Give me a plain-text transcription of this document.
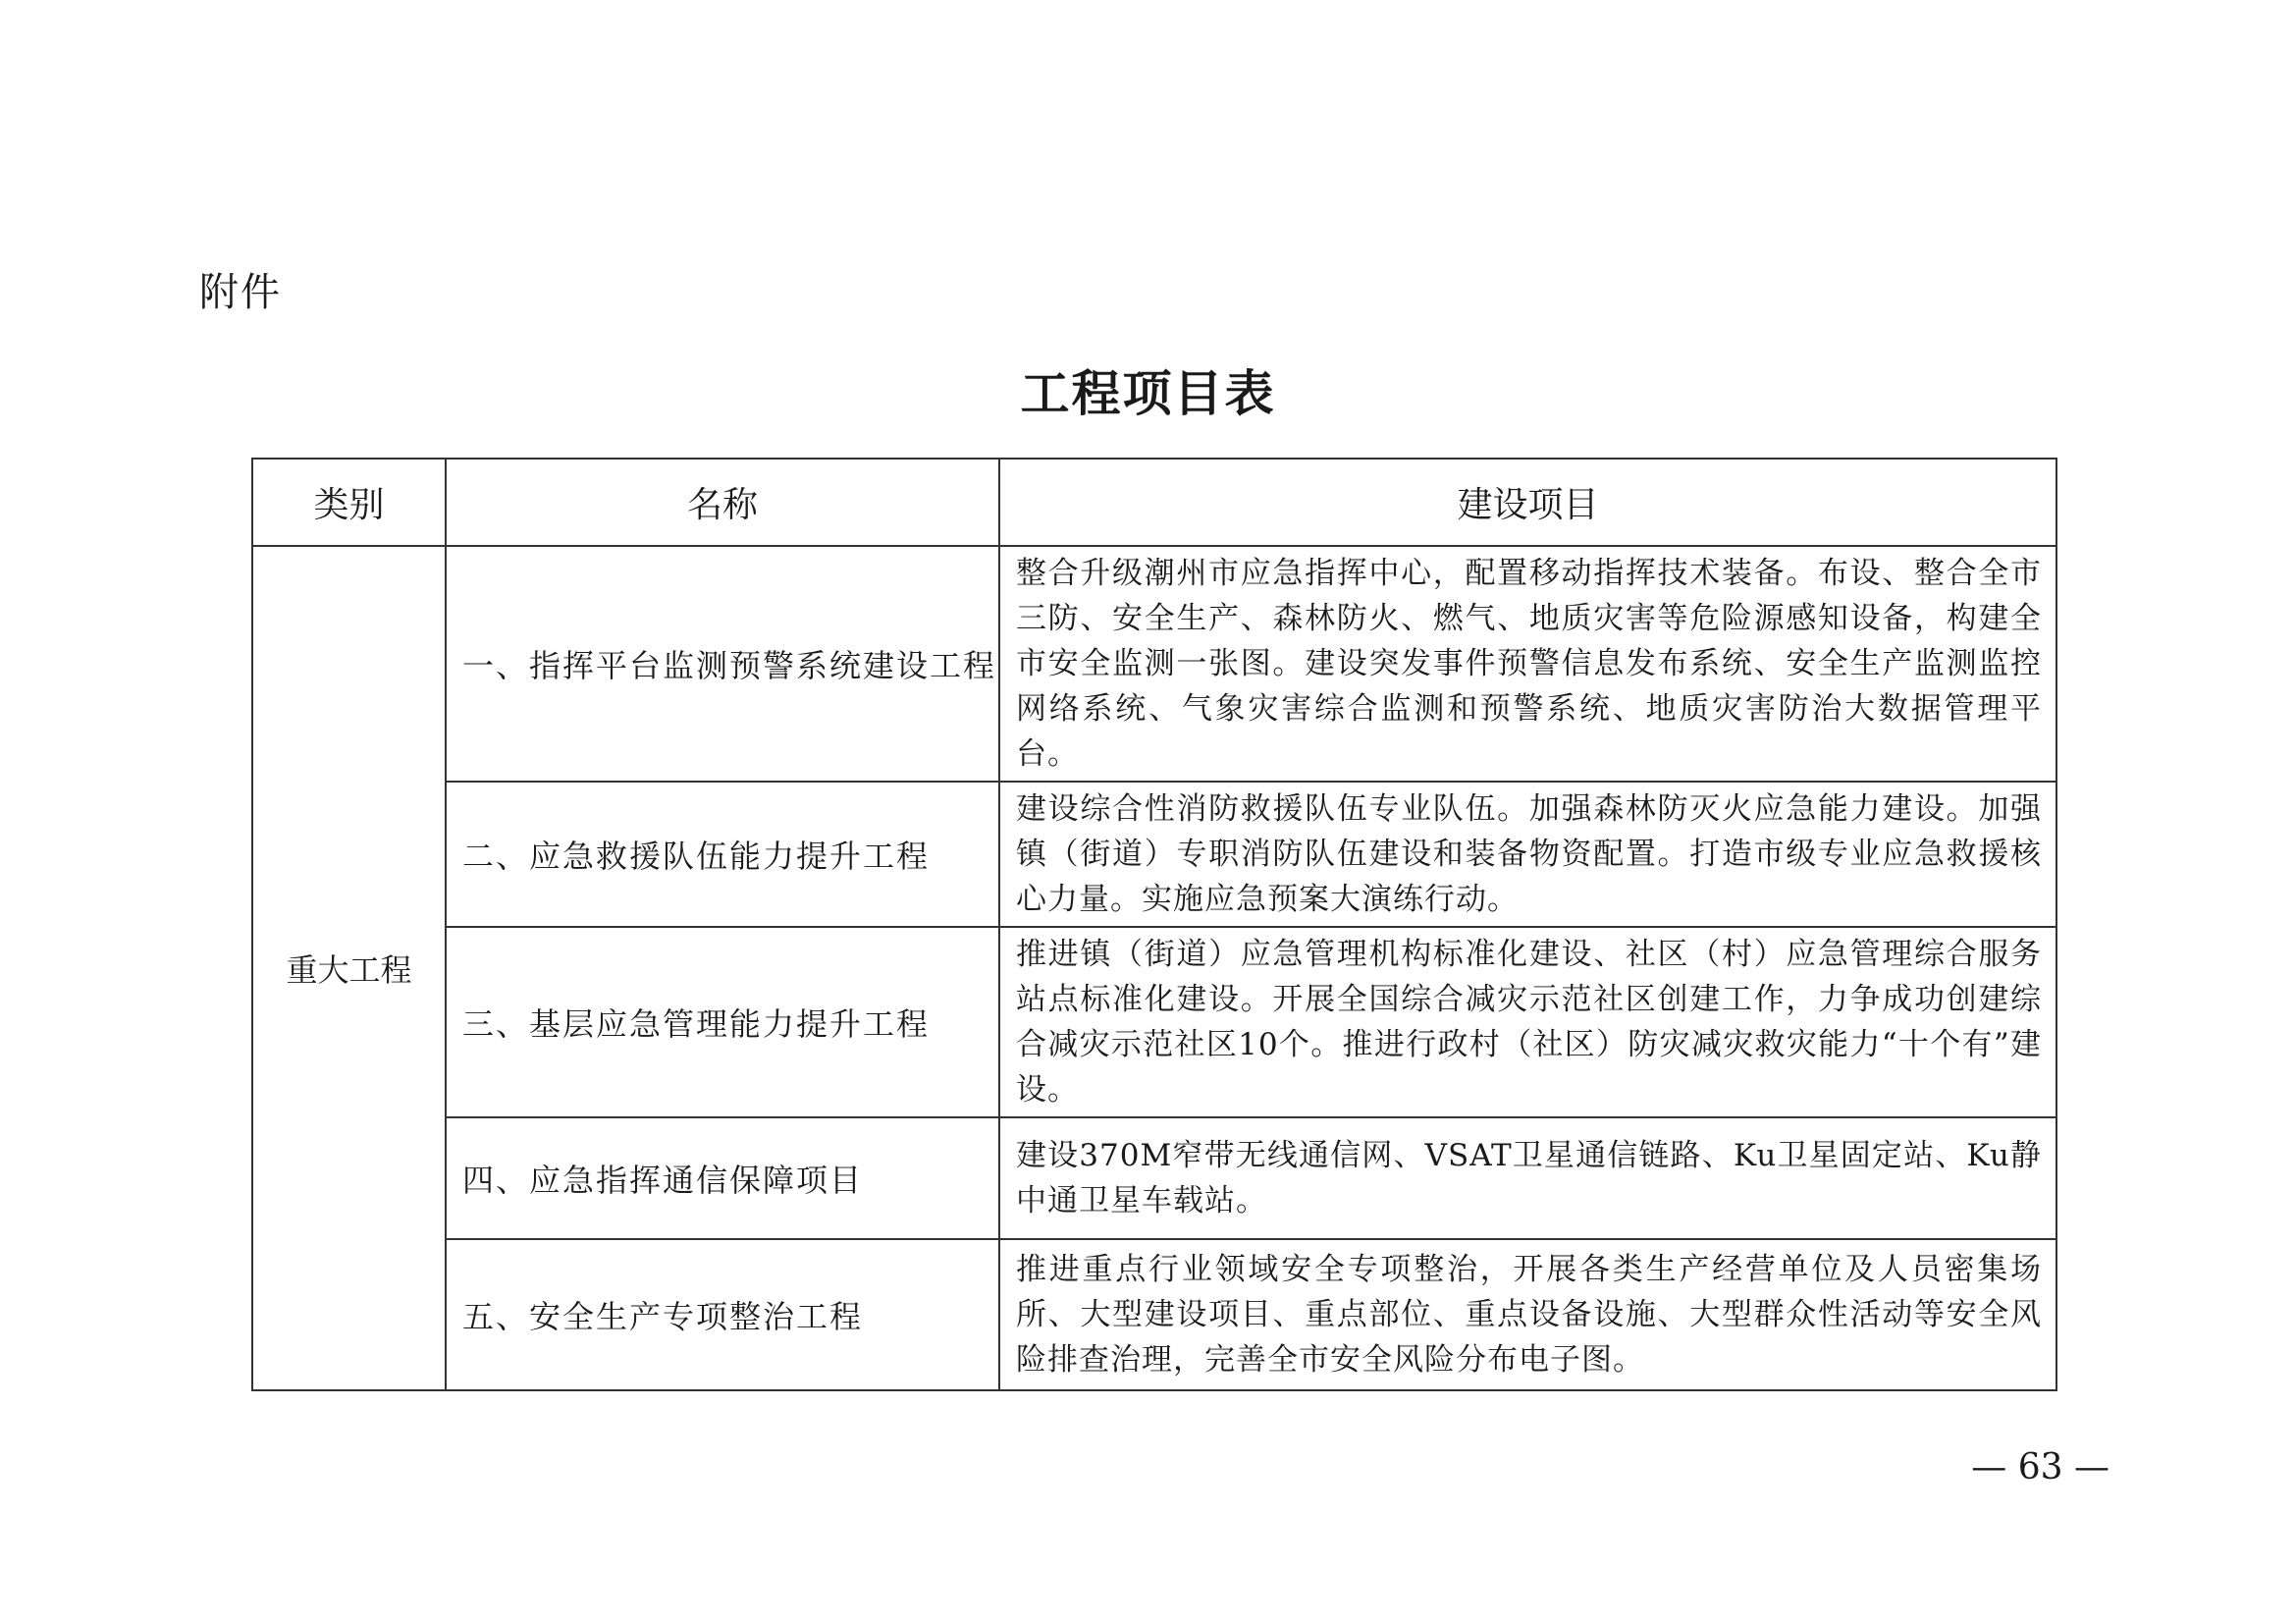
附件
工程项目表
类别	名称	建设项目
重大工程	一、指挥平台监测预警系统建设工程	整合升级潮州市应急指挥中心，配置移动指挥技术装备。布设、整合全市三防、安全生产、森林防火、燃气、地质灾害等危险源感知设备，构建全市安全监测一张图。建设突发事件预警信息发布系统、安全生产监测监控网络系统、气象灾害综合监测和预警系统、地质灾害防治大数据管理平台。
	二、应急救援队伍能力提升工程	建设综合性消防救援队伍专业队伍。加强森林防灭火应急能力建设。加强镇（街道）专职消防队伍建设和装备物资配置。打造市级专业应急救援核心力量。实施应急预案大演练行动。
	三、基层应急管理能力提升工程	推进镇（街道）应急管理机构标准化建设、社区（村）应急管理综合服务站点标准化建设。开展全国综合减灾示范社区创建工作，力争成功创建综合减灾示范社区10个。推进行政村（社区）防灾减灾救灾能力“十个有”建设。
	四、应急指挥通信保障项目	建设370M窄带无线通信网、VSAT卫星通信链路、Ku卫星固定站、Ku静中通卫星车载站。
	五、安全生产专项整治工程	推进重点行业领域安全专项整治，开展各类生产经营单位及人员密集场所、大型建设项目、重点部位、重点设备设施、大型群众性活动等安全风险排查治理，完善全市安全风险分布电子图。
— 63 —
